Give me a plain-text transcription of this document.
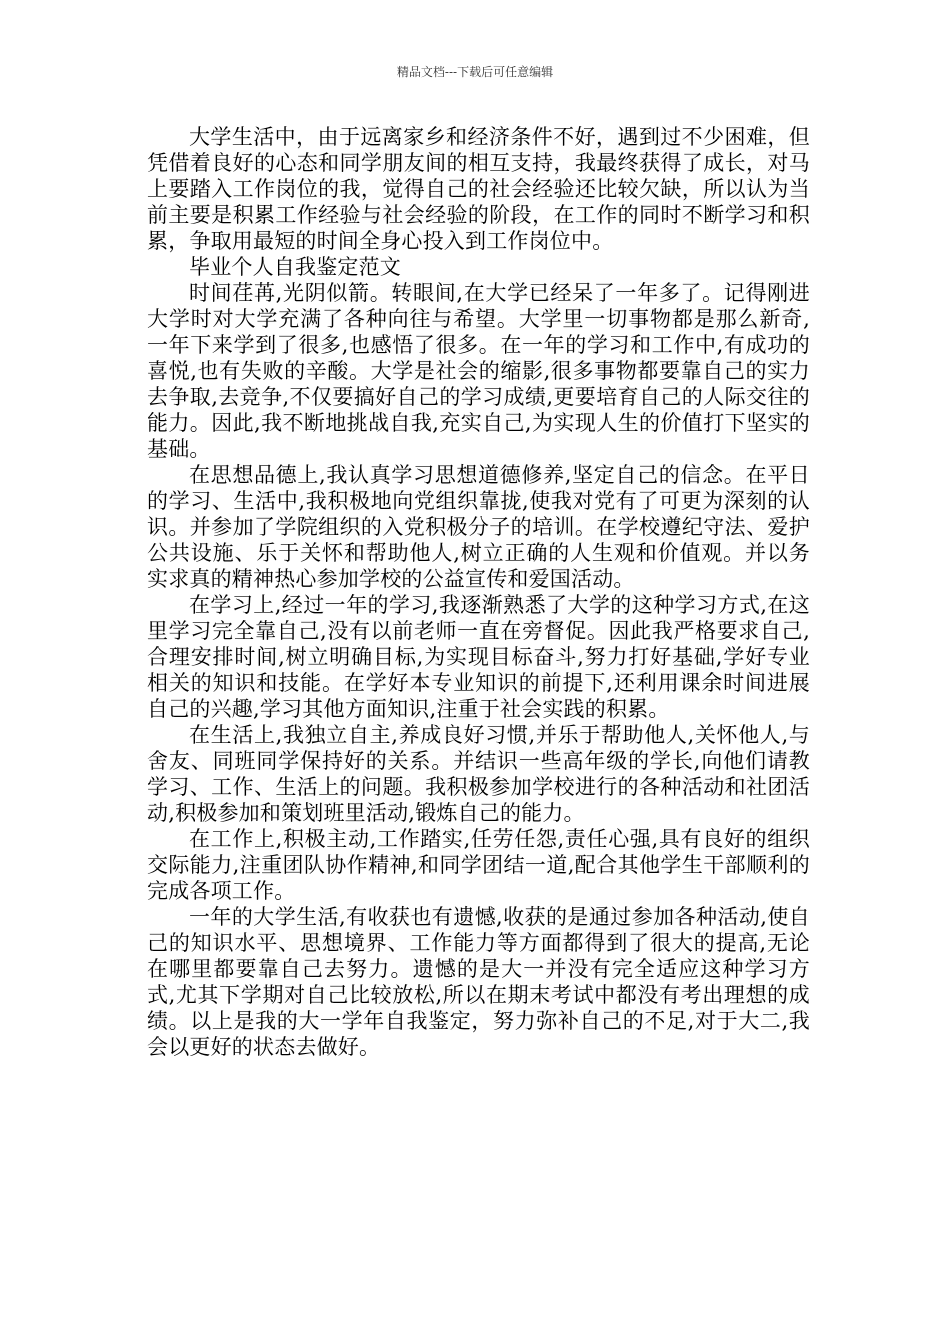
精品文档---下载后可任意编辑

大学生活中，由于远离家乡和经济条件不好，遇到过不少困难，但凭借着良好的心态和同学朋友间的相互支持，我最终获得了成长，对马上要踏入工作岗位的我，觉得自己的社会经验还比较欠缺，所以认为当前主要是积累工作经验与社会经验的阶段，在工作的同时不断学习和积累，争取用最短的时间全身心投入到工作岗位中。

毕业个人自我鉴定范文

时间荏苒,光阴似箭。转眼间,在大学已经呆了一年多了。记得刚进大学时对大学充满了各种向往与希望。大学里一切事物都是那么新奇,一年下来学到了很多,也感悟了很多。在一年的学习和工作中,有成功的喜悦,也有失败的辛酸。大学是社会的缩影,很多事物都要靠自己的实力去争取,去竞争,不仅要搞好自己的学习成绩,更要培育自己的人际交往的能力。因此,我不断地挑战自我,充实自己,为实现人生的价值打下坚实的基础。

在思想品德上,我认真学习思想道德修养,坚定自己的信念。在平日的学习、生活中,我积极地向党组织靠拢,使我对党有了可更为深刻的认识。并参加了学院组织的入党积极分子的培训。在学校遵纪守法、爱护公共设施、乐于关怀和帮助他人,树立正确的人生观和价值观。并以务实求真的精神热心参加学校的公益宣传和爱国活动。

在学习上,经过一年的学习,我逐渐熟悉了大学的这种学习方式,在这里学习完全靠自己,没有以前老师一直在旁督促。因此我严格要求自己,合理安排时间,树立明确目标,为实现目标奋斗,努力打好基础,学好专业相关的知识和技能。在学好本专业知识的前提下,还利用课余时间进展自己的兴趣,学习其他方面知识,注重于社会实践的积累。

在生活上,我独立自主,养成良好习惯,并乐于帮助他人,关怀他人,与舍友、同班同学保持好的关系。并结识一些高年级的学长,向他们请教学习、工作、生活上的问题。我积极参加学校进行的各种活动和社团活动,积极参加和策划班里活动,锻炼自己的能力。

在工作上,积极主动,工作踏实,任劳任怨,责任心强,具有良好的组织交际能力,注重团队协作精神,和同学团结一道,配合其他学生干部顺利的完成各项工作。

一年的大学生活,有收获也有遗憾,收获的是通过参加各种活动,使自己的知识水平、思想境界、工作能力等方面都得到了很大的提高,无论在哪里都要靠自己去努力。遗憾的是大一并没有完全适应这种学习方式,尤其下学期对自己比较放松,所以在期末考试中都没有考出理想的成绩。以上是我的大一学年自我鉴定，努力弥补自己的不足,对于大二,我会以更好的状态去做好。
